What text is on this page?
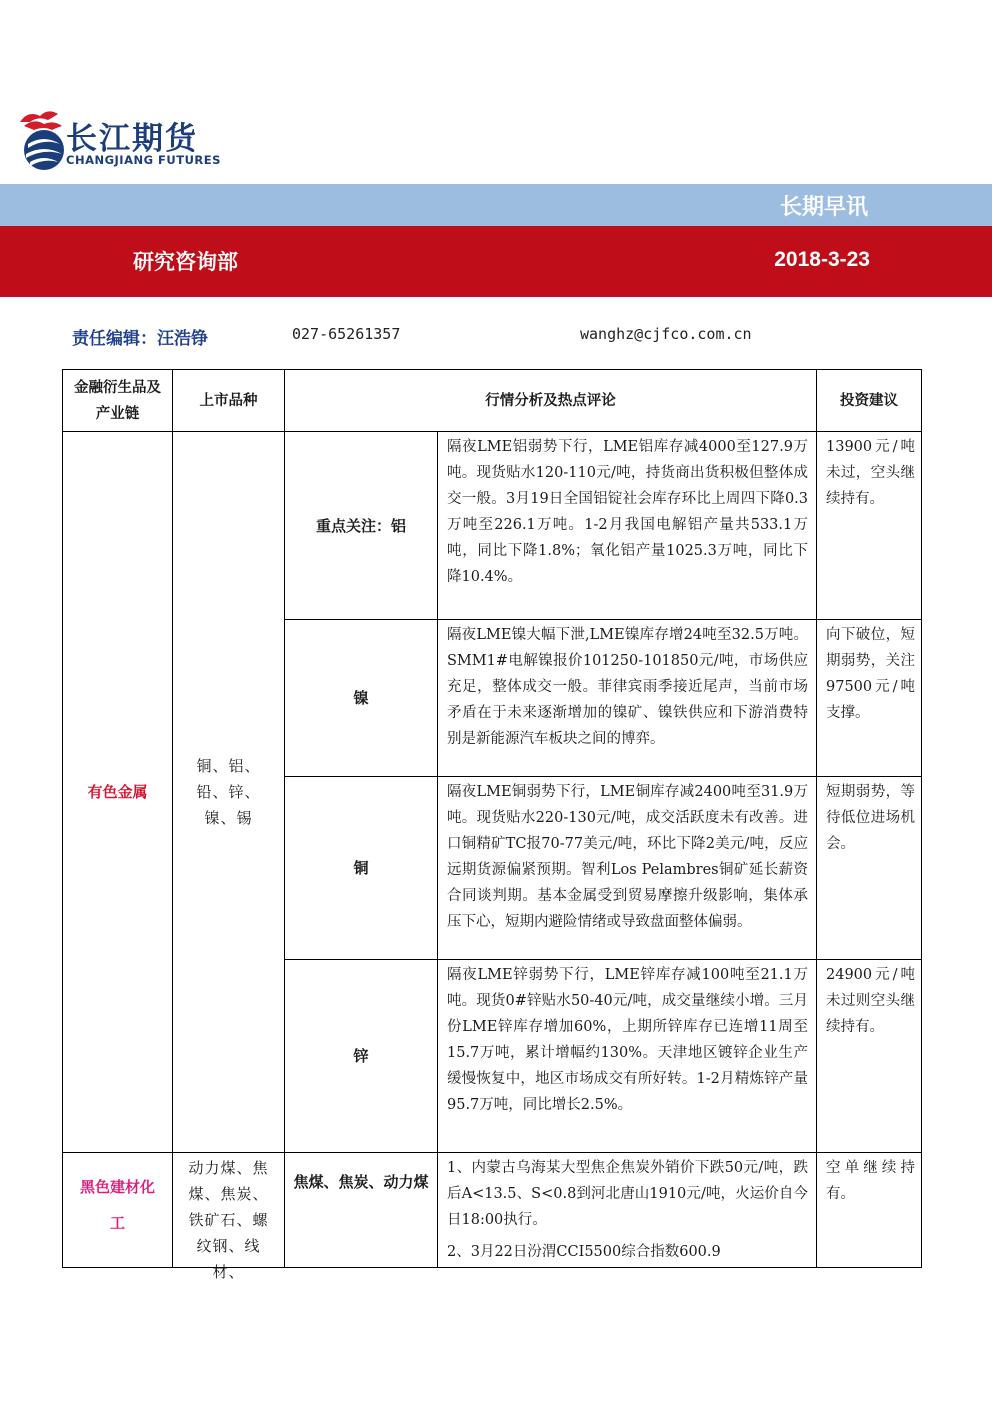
长江期货
CHANGJIANG FUTURES
长期早讯
研究咨询部	2018-3-23
责任编辑：汪浩铮	027-65261357	wanghz@cjfco.com.cn
金融衍生品及产业链	上市品种	行情分析及热点评论		投资建议
有色金属	铜、铝、铅、锌、镍、锡	重点关注：铝	隔夜LME铝弱势下行，LME铝库存减4000至127.9万吨。现货贴水120-110元/吨，持货商出货积极但整体成交一般。3月19日全国铝锭社会库存环比上周四下降0.3万吨至226.1万吨。1-2月我国电解铝产量共533.1万吨，同比下降1.8%；氧化铝产量1025.3万吨，同比下降10.4%。	13900元/吨未过，空头继续持有。

		镍	隔夜LME镍大幅下泄,LME镍库存增24吨至32.5万吨。SMM1#电解镍报价101250-101850元/吨，市场供应充足，整体成交一般。菲律宾雨季接近尾声，当前市场矛盾在于未来逐渐增加的镍矿、镍铁供应和下游消费特别是新能源汽车板块之间的博弈。	向下破位，短期弱势，关注97500元/吨支撑。

		铜	隔夜LME铜弱势下行，LME铜库存减2400吨至31.9万吨。现货贴水220-130元/吨，成交活跃度未有改善。进口铜精矿TC报70-77美元/吨，环比下降2美元/吨，反应远期货源偏紧预期。智利Los Pelambres铜矿延长薪资合同谈判期。基本金属受到贸易摩擦升级影响，集体承压下心，短期内避险情绪或导致盘面整体偏弱。	短期弱势，等待低位进场机会。

		锌	隔夜LME锌弱势下行，LME锌库存减100吨至21.1万吨。现货0#锌贴水50-40元/吨，成交量继续小增。三月份LME锌库存增加60%，上期所锌库存已连增11周至15.7万吨，累计增幅约130%。天津地区镀锌企业生产缓慢恢复中，地区市场成交有所好转。1-2月精炼锌产量95.7万吨，同比增长2.5%。	24900元/吨未过则空头继续持有。

黑色建材化工	动力煤、焦煤、焦炭、铁矿石、螺纹钢、线材、	焦煤、焦炭、动力煤	1、内蒙古乌海某大型焦企焦炭外销价下跌50元/吨，跌后A<13.5、S<0.8到河北唐山1910元/吨，火运价自今日18:00执行。

2、3月22日汾渭CCI5500综合指数600.9	空单继续持有。
